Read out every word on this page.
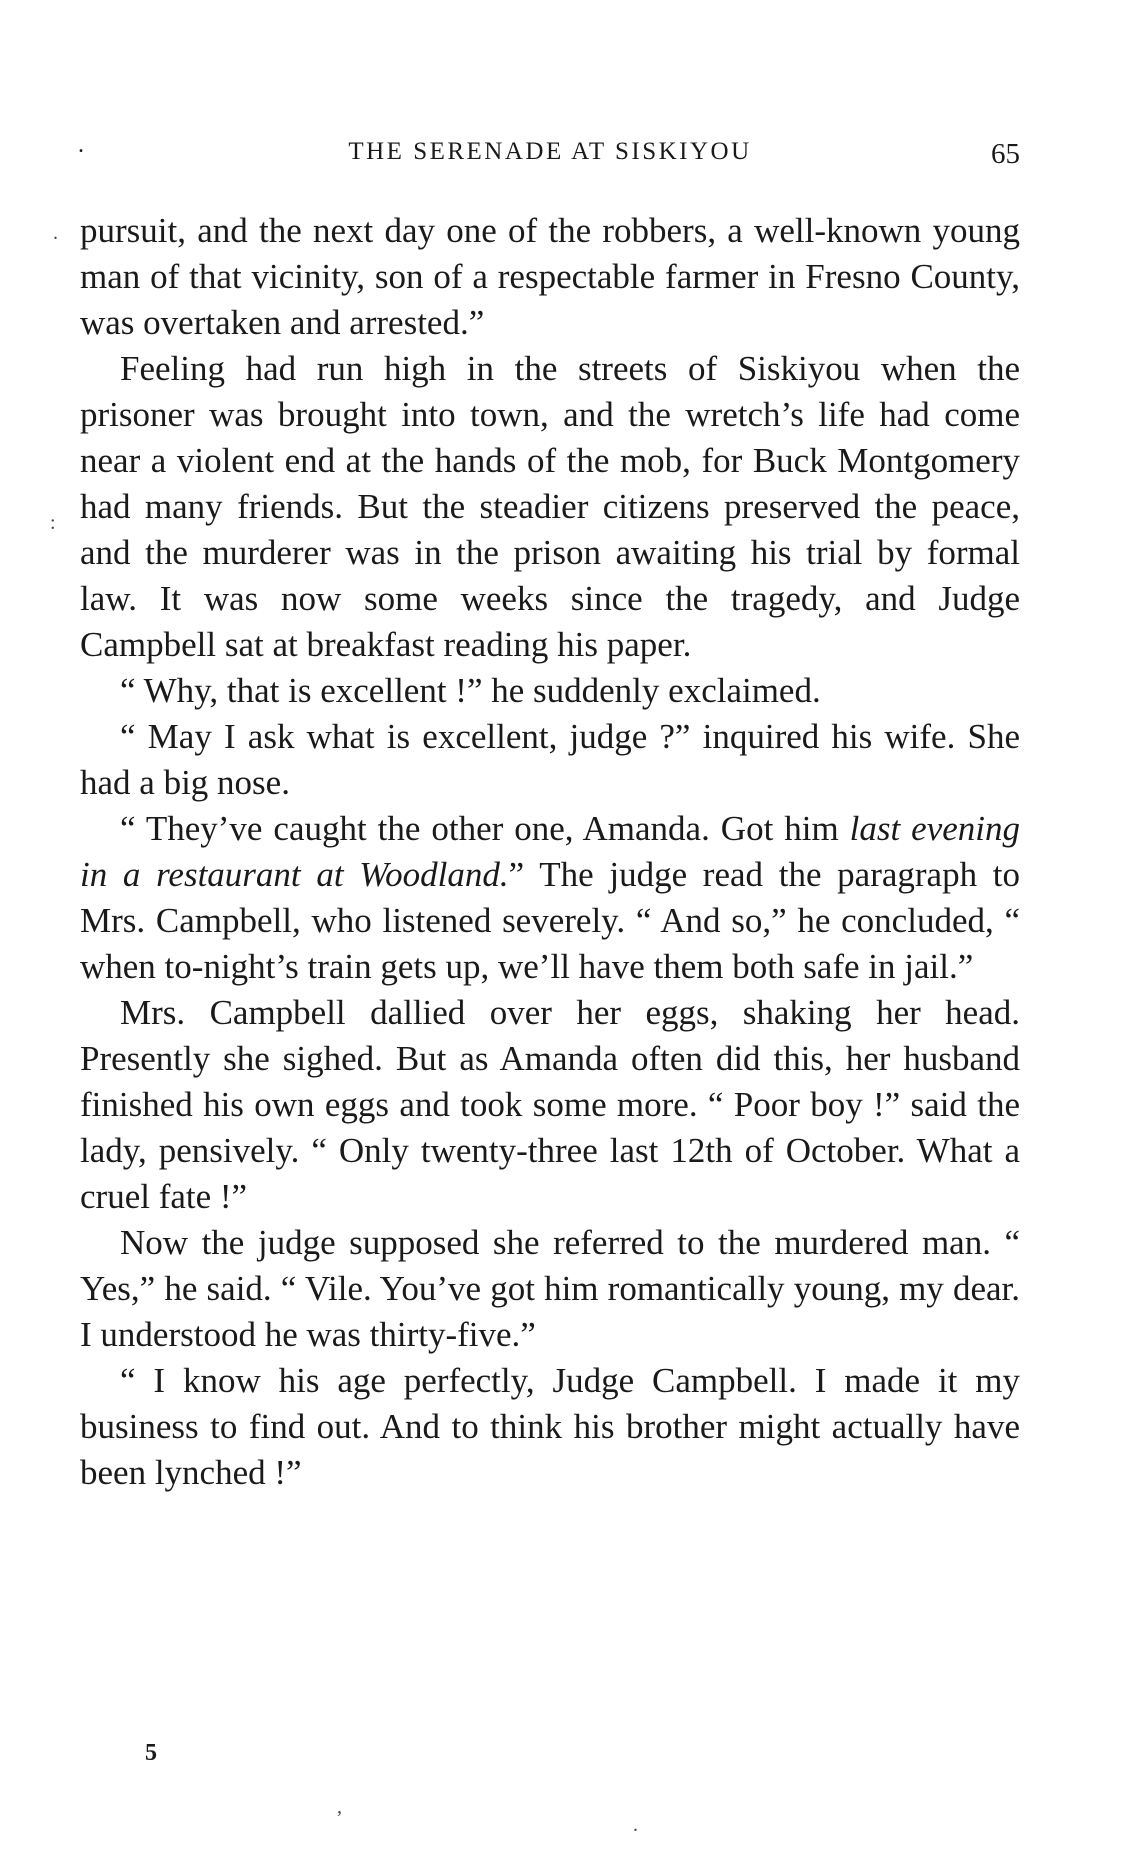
.	THE SERENADE AT SISKIYOU	65

pursuit, and the next day one of the robbers, a well-known young man of that vicinity, son of a respectable farmer in Fresno County, was overtaken and arrested.”

Feeling had run high in the streets of Siskiyou when the prisoner was brought into town, and the wretch’s life had come near a violent end at the hands of the mob, for Buck Montgomery had many friends. But the steadier citizens preserved the peace, and the murderer was in the prison awaiting his trial by formal law. It was now some weeks since the tragedy, and Judge Campbell sat at breakfast reading his paper.

“ Why, that is excellent !” he suddenly exclaimed.

“ May I ask what is excellent, judge ?” inquired his wife. She had a big nose.

“ They’ve caught the other one, Amanda. Got him last evening in a restaurant at Woodland.” The judge read the paragraph to Mrs. Campbell, who listened severely. “ And so,” he concluded, “ when to-night’s train gets up, we’ll have them both safe in jail.”

Mrs. Campbell dallied over her eggs, shaking her head. Presently she sighed. But as Amanda often did this, her husband finished his own eggs and took some more. “ Poor boy !” said the lady, pensively. “ Only twenty-three last 12th of October. What a cruel fate !”

Now the judge supposed she referred to the murdered man. “ Yes,” he said. “ Vile. You’ve got him romantically young, my dear. I understood he was thirty-five.”

“ I know his age perfectly, Judge Campbell. I made it my business to find out. And to think his brother might actually have been lynched !”

5
.
:
,
.
